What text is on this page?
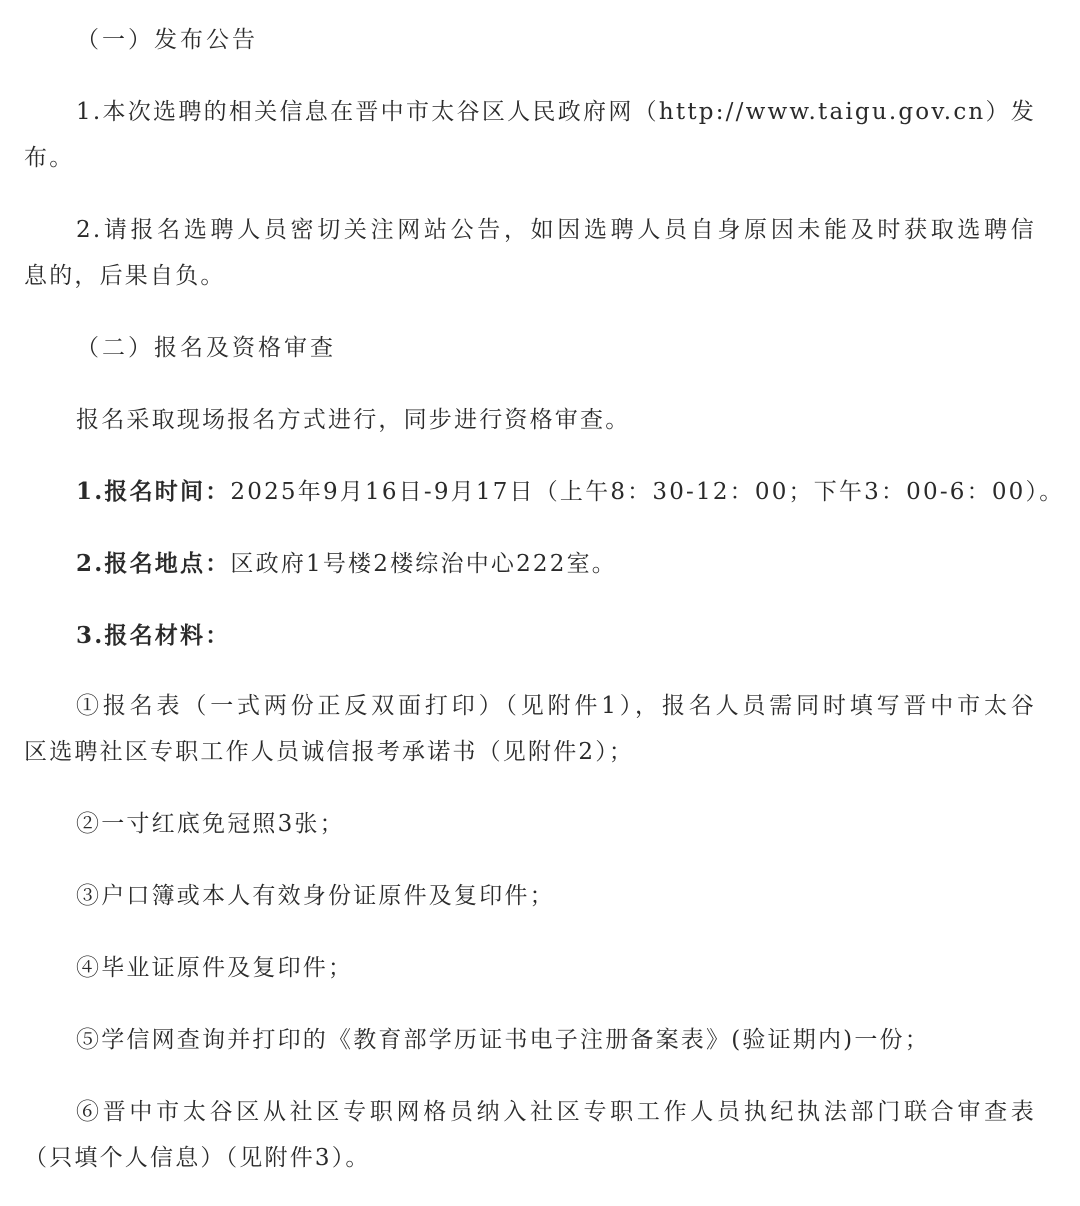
（一）发布公告
1.本次选聘的相关信息在晋中市太谷区人民政府网（http://www.taigu.gov.cn）发
布。
2.请报名选聘人员密切关注网站公告，如因选聘人员自身原因未能及时获取选聘信
息的，后果自负。
（二）报名及资格审查
报名采取现场报名方式进行，同步进行资格审查。
1.报名时间：2025年9月16日-9月17日（上午8：30-12：00；下午3：00-6：00）。
2.报名地点：区政府1号楼2楼综治中心222室。
3.报名材料：
①报名表（一式两份正反双面打印）（见附件1），报名人员需同时填写晋中市太谷
区选聘社区专职工作人员诚信报考承诺书（见附件2）；
②一寸红底免冠照3张；
③户口簿或本人有效身份证原件及复印件；
④毕业证原件及复印件；
⑤学信网查询并打印的《教育部学历证书电子注册备案表》(验证期内)一份；
⑥晋中市太谷区从社区专职网格员纳入社区专职工作人员执纪执法部门联合审查表
（只填个人信息）（见附件3）。
